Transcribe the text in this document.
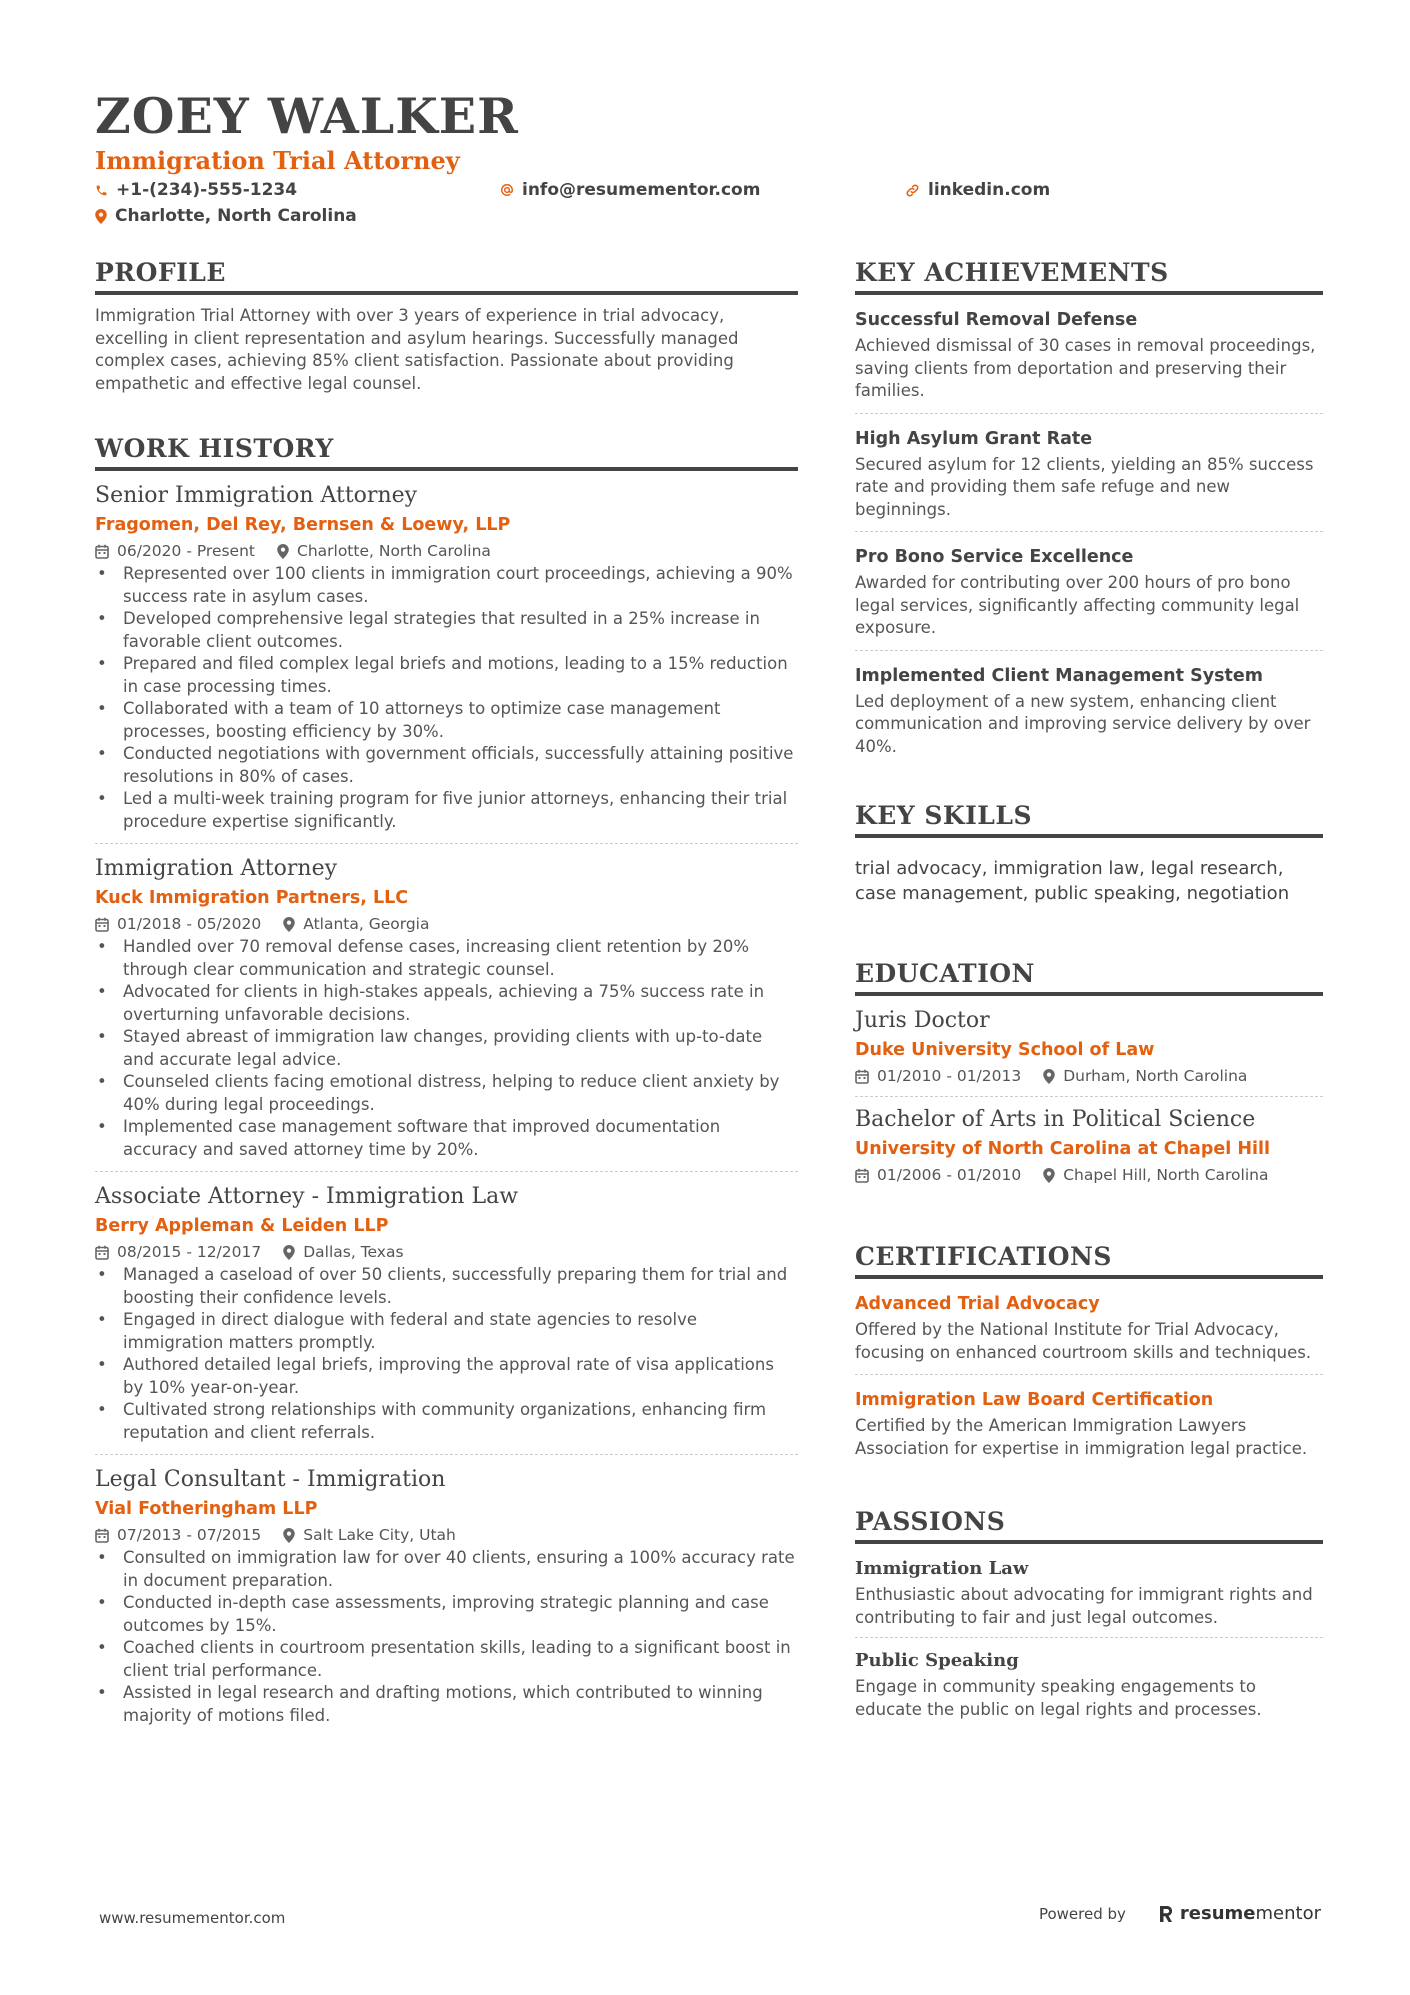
ZOEY WALKER
Immigration Trial Attorney
+1-(234)-555-1234	info@resumementor.com	linkedin.com
Charlotte, North Carolina
PROFILE
Immigration Trial Attorney with over 3 years of experience in trial advocacy, excelling in client representation and asylum hearings. Successfully managed complex cases, achieving 85% client satisfaction. Passionate about providing empathetic and effective legal counsel.
WORK HISTORY
Senior Immigration Attorney
Fragomen, Del Rey, Bernsen & Loewy, LLP
06/2020 - Present	Charlotte, North Carolina
• Represented over 100 clients in immigration court proceedings, achieving a 90% success rate in asylum cases.
• Developed comprehensive legal strategies that resulted in a 25% increase in favorable client outcomes.
• Prepared and filed complex legal briefs and motions, leading to a 15% reduction in case processing times.
• Collaborated with a team of 10 attorneys to optimize case management processes, boosting efficiency by 30%.
• Conducted negotiations with government officials, successfully attaining positive resolutions in 80% of cases.
• Led a multi-week training program for five junior attorneys, enhancing their trial procedure expertise significantly.
Immigration Attorney
Kuck Immigration Partners, LLC
01/2018 - 05/2020	Atlanta, Georgia
• Handled over 70 removal defense cases, increasing client retention by 20% through clear communication and strategic counsel.
• Advocated for clients in high-stakes appeals, achieving a 75% success rate in overturning unfavorable decisions.
• Stayed abreast of immigration law changes, providing clients with up-to-date and accurate legal advice.
• Counseled clients facing emotional distress, helping to reduce client anxiety by 40% during legal proceedings.
• Implemented case management software that improved documentation accuracy and saved attorney time by 20%.
Associate Attorney - Immigration Law
Berry Appleman & Leiden LLP
08/2015 - 12/2017	Dallas, Texas
• Managed a caseload of over 50 clients, successfully preparing them for trial and boosting their confidence levels.
• Engaged in direct dialogue with federal and state agencies to resolve immigration matters promptly.
• Authored detailed legal briefs, improving the approval rate of visa applications by 10% year-on-year.
• Cultivated strong relationships with community organizations, enhancing firm reputation and client referrals.
Legal Consultant - Immigration
Vial Fotheringham LLP
07/2013 - 07/2015	Salt Lake City, Utah
• Consulted on immigration law for over 40 clients, ensuring a 100% accuracy rate in document preparation.
• Conducted in-depth case assessments, improving strategic planning and case outcomes by 15%.
• Coached clients in courtroom presentation skills, leading to a significant boost in client trial performance.
• Assisted in legal research and drafting motions, which contributed to winning majority of motions filed.
KEY ACHIEVEMENTS
Successful Removal Defense
Achieved dismissal of 30 cases in removal proceedings, saving clients from deportation and preserving their families.
High Asylum Grant Rate
Secured asylum for 12 clients, yielding an 85% success rate and providing them safe refuge and new beginnings.
Pro Bono Service Excellence
Awarded for contributing over 200 hours of pro bono legal services, significantly affecting community legal exposure.
Implemented Client Management System
Led deployment of a new system, enhancing client communication and improving service delivery by over 40%.
KEY SKILLS
trial advocacy, immigration law, legal research, case management, public speaking, negotiation
EDUCATION
Juris Doctor
Duke University School of Law
01/2010 - 01/2013	Durham, North Carolina
Bachelor of Arts in Political Science
University of North Carolina at Chapel Hill
01/2006 - 01/2010	Chapel Hill, North Carolina
CERTIFICATIONS
Advanced Trial Advocacy
Offered by the National Institute for Trial Advocacy, focusing on enhanced courtroom skills and techniques.
Immigration Law Board Certification
Certified by the American Immigration Lawyers Association for expertise in immigration legal practice.
PASSIONS
Immigration Law
Enthusiastic about advocating for immigrant rights and contributing to fair and just legal outcomes.
Public Speaking
Engage in community speaking engagements to educate the public on legal rights and processes.
www.resumementor.com	Powered by	resume mentor
